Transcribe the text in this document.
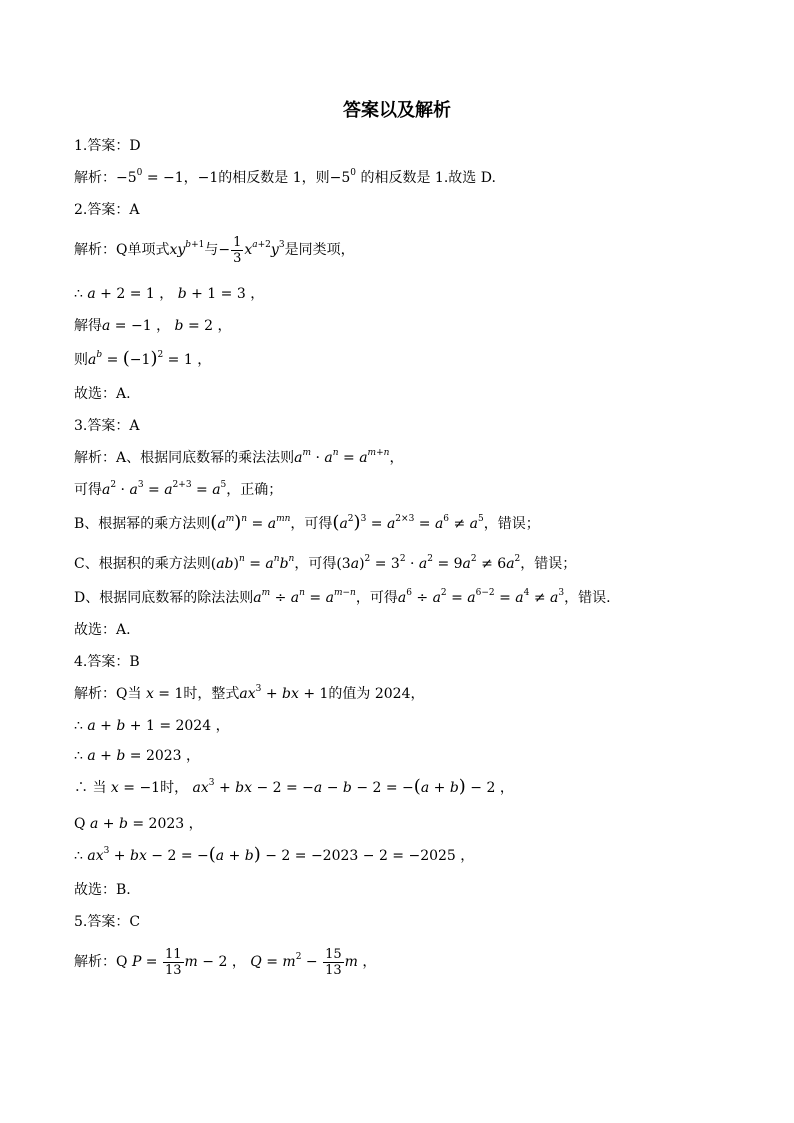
答案以及解析
1.答案：D
解析：$-5^0 = -1$，−1的相反数是 1，则$-5^0$ 的相反数是 1.故选 D.
2.答案：A
解析：Q单项式$xy^{b+1}$与− $\frac{1}{3} x^{a+2}y^3$是同类项，
∴ a + 2 = 1 ， b + 1 = 3 ，
解得a = −1 ， b = 2 ，
则$a^b = (-1)^2 = 1$ ，
故选：A.
3.答案：A
解析：A、根据同底数幂的乘法法则$a^m \cdot a^n = a^{m+n}$，
可得$a^2 \cdot a^3 = a^{2+3} = a^5$，正确；
B、根据幂的乘方法则$(a^m)^n = a^{mn}$，可得$(a^2)^3 = a^{2\times 3} = a^6 \ne a^5$，错误；
C、根据积的乘方法则$(ab)^n = a^nb^n$，可得$(3a)^2 = 3^2 \cdot a^2 = 9a^2 \ne 6a^2$，错误；
D、根据同底数幂的除法法则$a^m \div a^n = a^{m-n}$，可得$a^6 \div a^2 = a^{6-2} = a^4 \ne a^3$，错误.
故选：A.
4.答案：B
解析：Q当 x = 1时，整式$ax^3$ + bx + 1的值为 2024，
∴ a + b + 1 = 2024 ，
∴ a + b = 2023 ，
∴ 当 x = −1时， $ax^3$ + bx − 2 = −a − b − 2 = −(a + b) − 2 ，
Q a + b = 2023 ，
∴ $ax^3$ + bx − 2 = −(a + b) − 2 = −2023 − 2 = −2025 ，
故选：B.
5.答案：C
解析：Q $P = \frac{11}{13}$ m − 2 ， $Q = m^2 - \frac{15}{13}$ m ，
